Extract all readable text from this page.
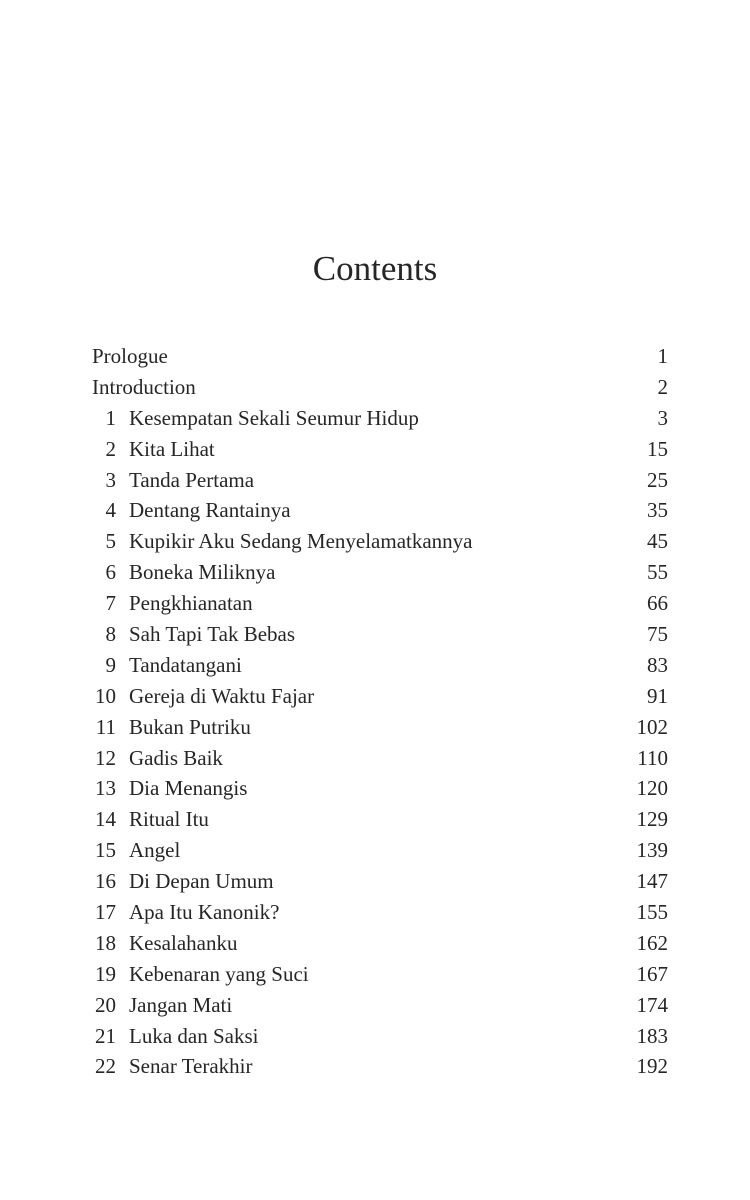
Contents
Prologue	1
Introduction	2
1 Kesempatan Sekali Seumur Hidup	3
2 Kita Lihat	15
3 Tanda Pertama	25
4 Dentang Rantainya	35
5 Kupikir Aku Sedang Menyelamatkannya	45
6 Boneka Miliknya	55
7 Pengkhianatan	66
8 Sah Tapi Tak Bebas	75
9 Tandatangani	83
10 Gereja di Waktu Fajar	91
11 Bukan Putriku	102
12 Gadis Baik	110
13 Dia Menangis	120
14 Ritual Itu	129
15 Angel	139
16 Di Depan Umum	147
17 Apa Itu Kanonik?	155
18 Kesalahanku	162
19 Kebenaran yang Suci	167
20 Jangan Mati	174
21 Luka dan Saksi	183
22 Senar Terakhir	192
